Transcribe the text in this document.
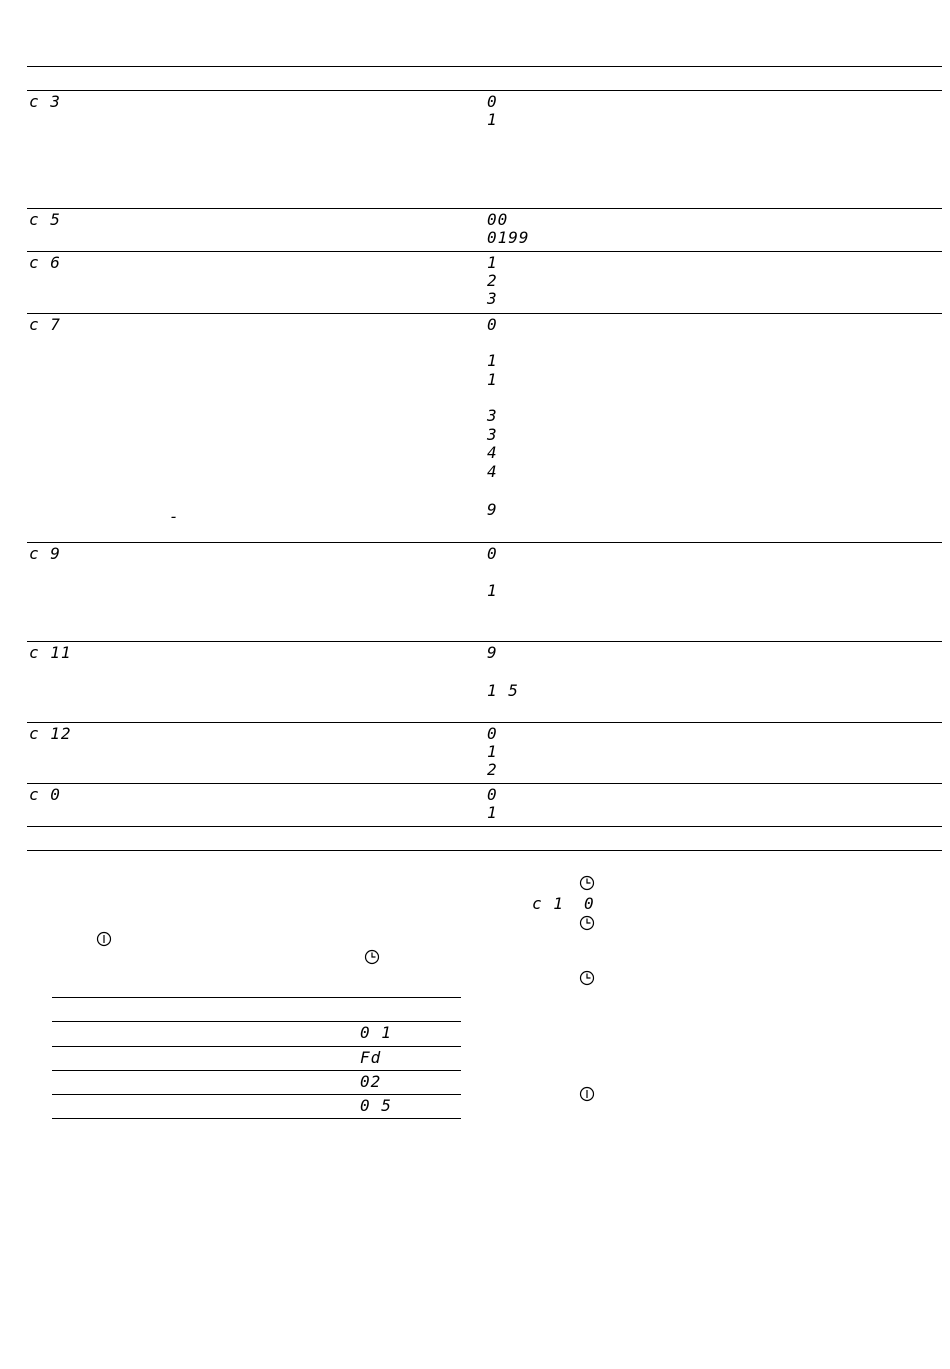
c 3	0
1
c 5	00
0199
c 6	1
2
3
c 7	0
1
1
3
3
4
4
9
-
c 9	0
1
c 11	9
1 5
c 12	0
1
2
c 0	0
1
0 1
Fd
02
0 5
c 1 0
